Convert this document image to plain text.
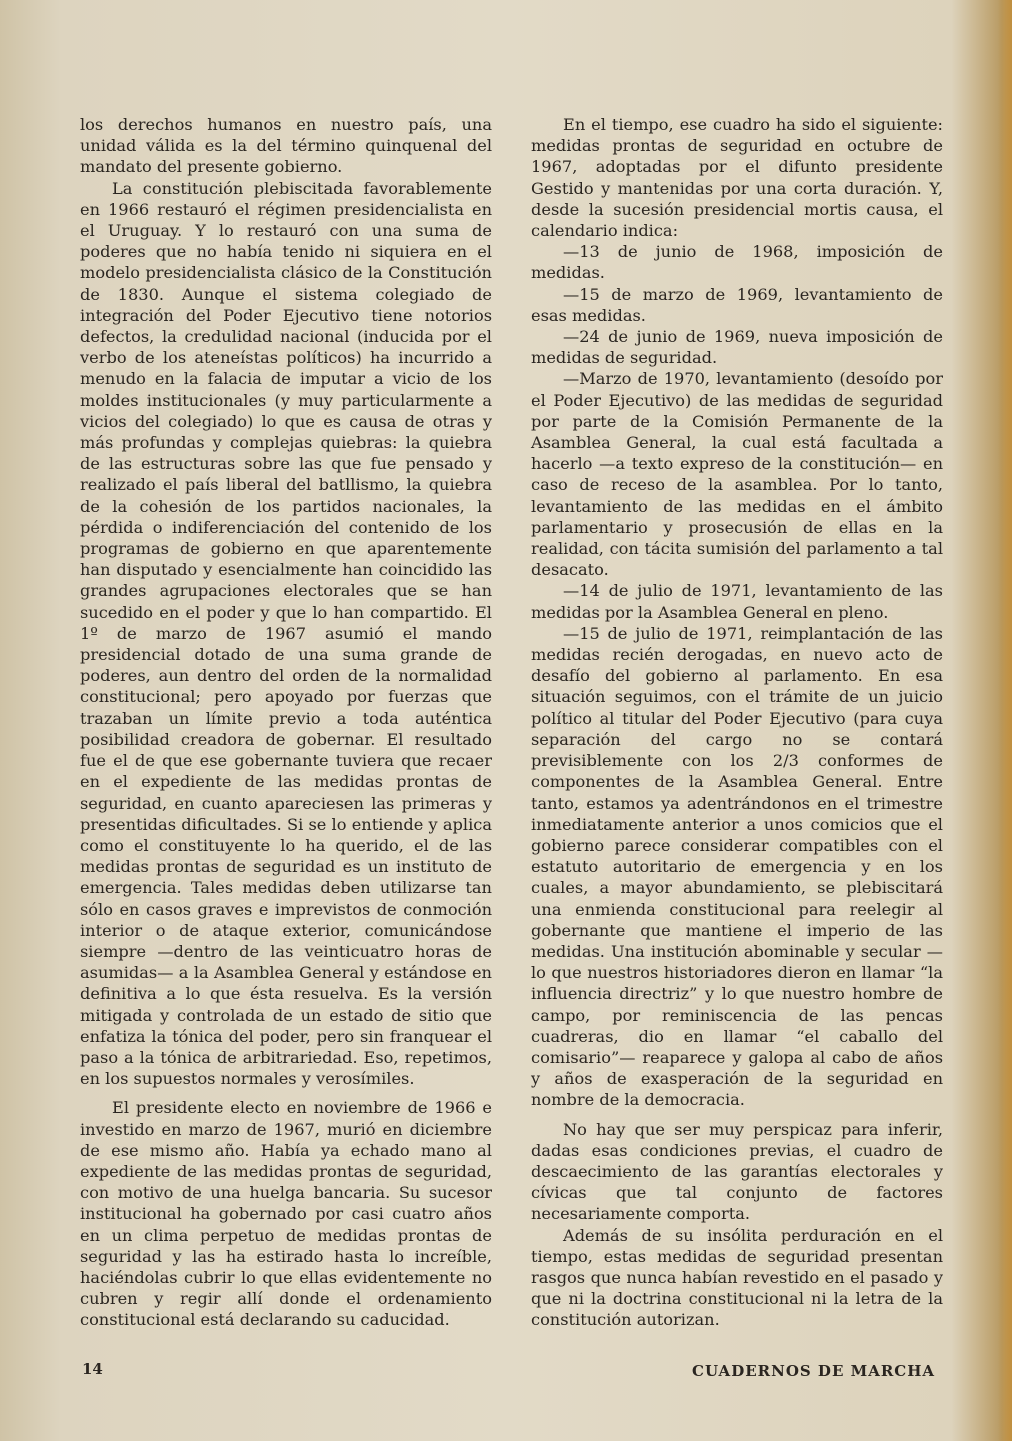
los derechos humanos en nuestro país, una unidad válida es la del término quinquenal del mandato del presente gobierno.

La constitución plebiscitada favorablemente en 1966 restauró el régimen presidencialista en el Uruguay. Y lo restauró con una suma de poderes que no había tenido ni siquiera en el modelo presidencialista clásico de la Constitución de 1830. Aunque el sistema colegiado de integración del Poder Ejecutivo tiene notorios defectos, la credulidad nacional (inducida por el verbo de los ateneístas políticos) ha incurrido a menudo en la falacia de imputar a vicio de los moldes institucionales (y muy particularmente a vicios del colegiado) lo que es causa de otras y más profundas y complejas quiebras: la quiebra de las estructuras sobre las que fue pensado y realizado el país liberal del batllismo, la quiebra de la cohesión de los partidos nacionales, la pérdida o indiferenciación del contenido de los programas de gobierno en que aparentemente han disputado y esencialmente han coincidido las grandes agrupaciones electorales que se han sucedido en el poder y que lo han compartido. El 1º de marzo de 1967 asumió el mando presidencial dotado de una suma grande de poderes, aun dentro del orden de la normalidad constitucional; pero apoyado por fuerzas que trazaban un límite previo a toda auténtica posibilidad creadora de gobernar. El resultado fue el de que ese gobernante tuviera que recaer en el expediente de las medidas prontas de seguridad, en cuanto apareciesen las primeras y presentidas dificultades. Si se lo entiende y aplica como el constituyente lo ha querido, el de las medidas prontas de seguridad es un instituto de emergencia. Tales medidas deben utilizarse tan sólo en casos graves e imprevistos de conmoción interior o de ataque exterior, comunicándose siempre —dentro de las veinticuatro horas de asumidas— a la Asamblea General y estándose en definitiva a lo que ésta resuelva. Es la versión mitigada y controlada de un estado de sitio que enfatiza la tónica del poder, pero sin franquear el paso a la tónica de arbitrariedad. Eso, repetimos, en los supuestos normales y verosímiles.

El presidente electo en noviembre de 1966 e investido en marzo de 1967, murió en diciembre de ese mismo año. Había ya echado mano al expediente de las medidas prontas de seguridad, con motivo de una huelga bancaria. Su sucesor institucional ha gobernado por casi cuatro años en un clima perpetuo de medidas prontas de seguridad y las ha estirado hasta lo increíble, haciéndolas cubrir lo que ellas evidentemente no cubren y regir allí donde el ordenamiento constitucional está declarando su caducidad.

En el tiempo, ese cuadro ha sido el siguiente: medidas prontas de seguridad en octubre de 1967, adoptadas por el difunto presidente Gestido y mantenidas por una corta duración. Y, desde la sucesión presidencial mortis causa, el calendario indica:

—13 de junio de 1968, imposición de medidas.

—15 de marzo de 1969, levantamiento de esas medidas.

—24 de junio de 1969, nueva imposición de medidas de seguridad.

—Marzo de 1970, levantamiento (desoído por el Poder Ejecutivo) de las medidas de seguridad por parte de la Comisión Permanente de la Asamblea General, la cual está facultada a hacerlo —a texto expreso de la constitución— en caso de receso de la asamblea. Por lo tanto, levantamiento de las medidas en el ámbito parlamentario y prosecusión de ellas en la realidad, con tácita sumisión del parlamento a tal desacato.

—14 de julio de 1971, levantamiento de las medidas por la Asamblea General en pleno.

—15 de julio de 1971, reimplantación de las medidas recién derogadas, en nuevo acto de desafío del gobierno al parlamento. En esa situación seguimos, con el trámite de un juicio político al titular del Poder Ejecutivo (para cuya separación del cargo no se contará previsiblemente con los 2/3 conformes de componentes de la Asamblea General. Entre tanto, estamos ya adentrándonos en el trimestre inmediatamente anterior a unos comicios que el gobierno parece considerar compatibles con el estatuto autoritario de emergencia y en los cuales, a mayor abundamiento, se plebiscitará una enmienda constitucional para reelegir al gobernante que mantiene el imperio de las medidas. Una institución abominable y secular —lo que nuestros historiadores dieron en llamar “la influencia directriz” y lo que nuestro hombre de campo, por reminiscencia de las pencas cuadreras, dio en llamar “el caballo del comisario”— reaparece y galopa al cabo de años y años de exasperación de la seguridad en nombre de la democracia.

No hay que ser muy perspicaz para inferir, dadas esas condiciones previas, el cuadro de descaecimiento de las garantías electorales y cívicas que tal conjunto de factores necesariamente comporta.

Además de su insólita perduración en el tiempo, estas medidas de seguridad presentan rasgos que nunca habían revestido en el pasado y que ni la doctrina constitucional ni la letra de la constitución autorizan.

14	CUADERNOS DE MARCHA
